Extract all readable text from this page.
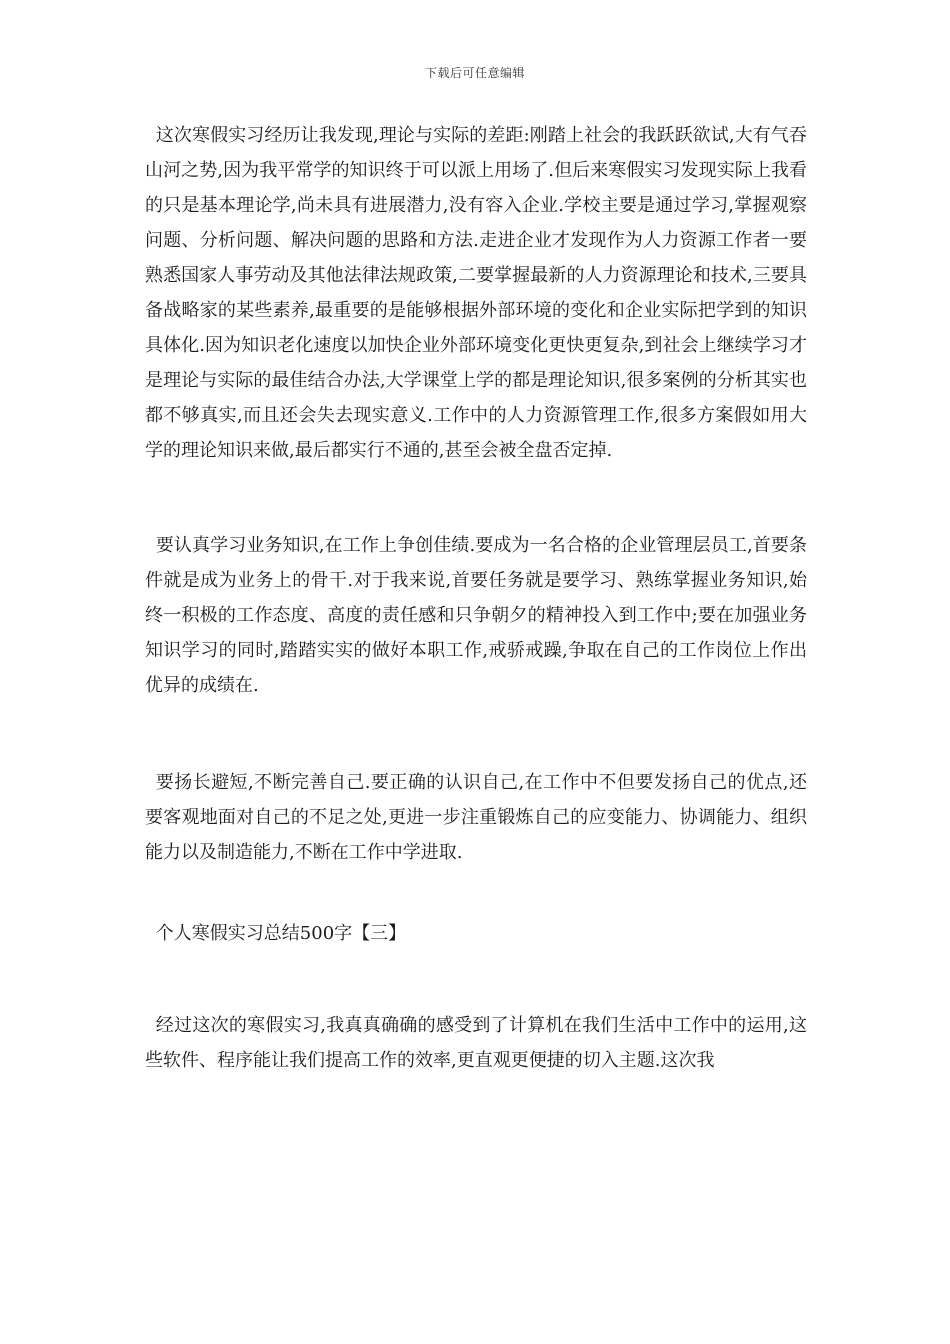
下载后可任意编辑

这次寒假实习经历让我发现,理论与实际的差距:刚踏上社会的我跃跃欲试,大有气吞山河之势,因为我平常学的知识终于可以派上用场了.但后来寒假实习发现实际上我看的只是基本理论学,尚未具有进展潜力,没有容入企业.学校主要是通过学习,掌握观察问题、分析问题、解决问题的思路和方法.走进企业才发现作为人力资源工作者一要熟悉国家人事劳动及其他法律法规政策,二要掌握最新的人力资源理论和技术,三要具备战略家的某些素养,最重要的是能够根据外部环境的变化和企业实际把学到的知识具体化.因为知识老化速度以加快企业外部环境变化更快更复杂,到社会上继续学习才是理论与实际的最佳结合办法,大学课堂上学的都是理论知识,很多案例的分析其实也都不够真实,而且还会失去现实意义.工作中的人力资源管理工作,很多方案假如用大学的理论知识来做,最后都实行不通的,甚至会被全盘否定掉.

要认真学习业务知识,在工作上争创佳绩.要成为一名合格的企业管理层员工,首要条件就是成为业务上的骨干.对于我来说,首要任务就是要学习、熟练掌握业务知识,始终一积极的工作态度、高度的责任感和只争朝夕的精神投入到工作中;要在加强业务知识学习的同时,踏踏实实的做好本职工作,戒骄戒躁,争取在自己的工作岗位上作出优异的成绩在.

要扬长避短,不断完善自己.要正确的认识自己,在工作中不但要发扬自己的优点,还要客观地面对自己的不足之处,更进一步注重锻炼自己的应变能力、协调能力、组织能力以及制造能力,不断在工作中学进取.

个人寒假实习总结500字【三】

经过这次的寒假实习,我真真确确的感受到了计算机在我们生活中工作中的运用,这些软件、程序能让我们提高工作的效率,更直观更便捷的切入主题.这次我
